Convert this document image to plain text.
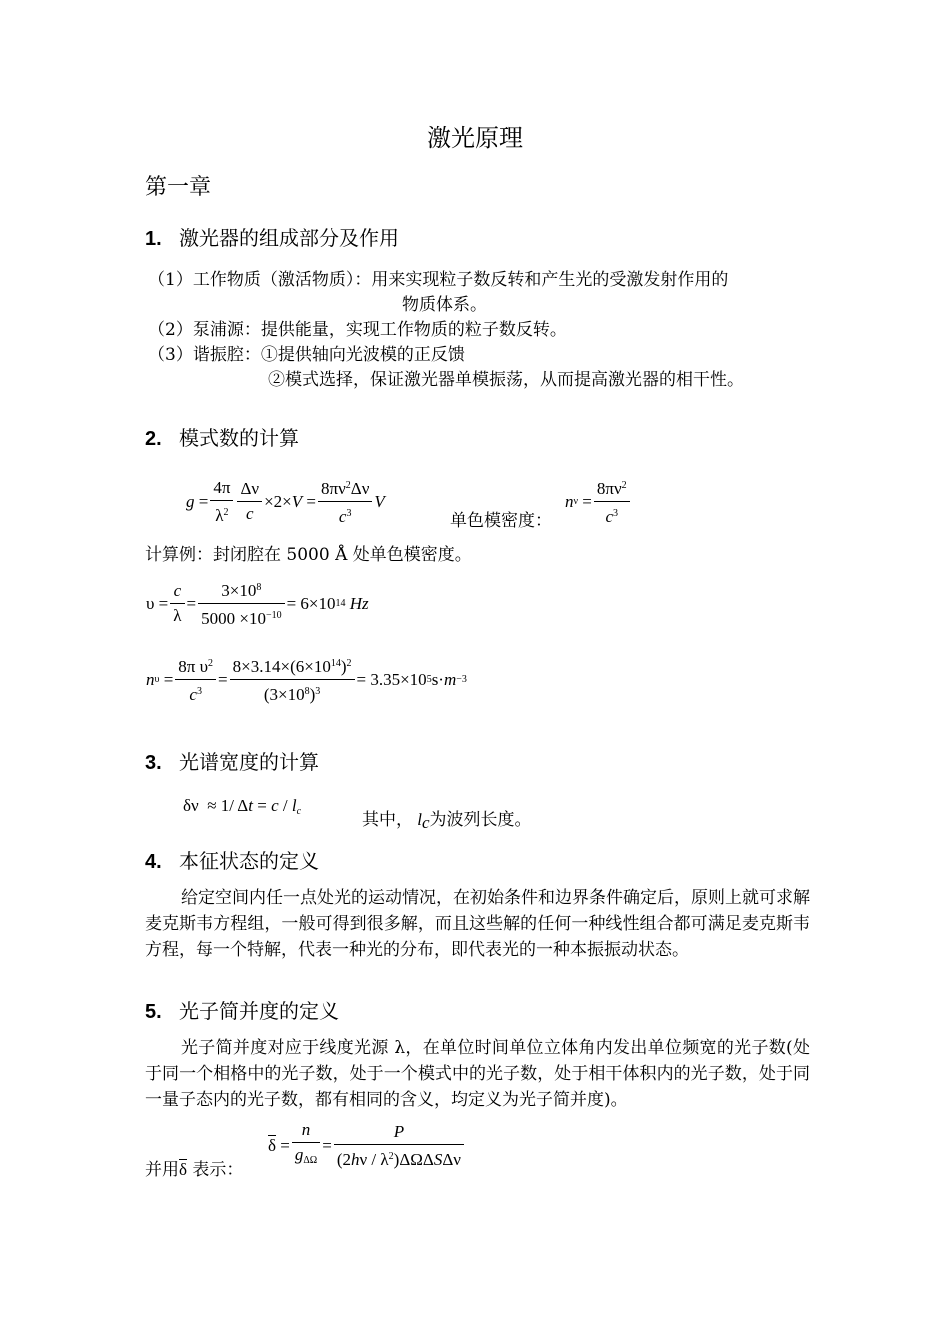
激光原理
第一章
1. 激光器的组成部分及作用
（1）工作物质（激活物质）：用来实现粒子数反转和产生光的受激发射作用的
物质体系。
（2）泵浦源：提供能量，实现工作物质的粒子数反转。
（3）谐振腔：①提供轴向光波模的正反馈
②模式选择，保证激光器单模振荡，从而提高激光器的相干性。
2. 模式数的计算
$g = \frac{4\pi}{\lambda^2} \frac{\Delta\nu}{c} \times 2\times V = \frac{8\pi\nu^2\Delta\nu}{c^3}$ V
单色模密度：
n $\nu = \frac{8\pi\nu^2}{c^3}$
计算例：封闭腔在 5000 Å 处单色模密度。
$\upsilon = \frac{c}{\lambda} = \frac{3\times 10^8}{5000 \times 10^{-10}} = 6\times 10$ 14
Hz
n $\upsilon = \frac{8\pi \upsilon^2}{c^3} = \frac{8\times 3.14\times(6\times 10^{14})^2}{(3\times 10^8)^3} = 3.35\times 10$ 5 s· m −3
3. 光谱宽度的计算
δν  ≈ 1/ $\Delta t = c / l_c$	其中， $l_c$为波列长度。
4. 本征状态的定义
给定空间内任一点处光的运动情况，在初始条件和边界条件确定后，原则上就可求解麦克斯韦方程组，一般可得到很多解，而且这些解的任何一种线性组合都可满足麦克斯韦方程，每一个特解，代表一种光的分布，即代表光的一种本振振动状态。
5. 光子简并度的定义
光子简并度对应于线度光源 λ，在单位时间单位立体角内发出单位频宽的光子数(处于同一个相格中的光子数，处于一个模式中的光子数，处于相干体积内的光子数，处于同一量子态内的光子数，都有相同的含义，均定义为光子简并度)。
并用$\overline{\delta}$ 表示：
$\overline{\delta} = \frac{n}{g_{\Delta\Omega}} = \frac{P}{(2h\nu / \lambda^2)\Delta\Omega\Delta S\Delta\nu}$
